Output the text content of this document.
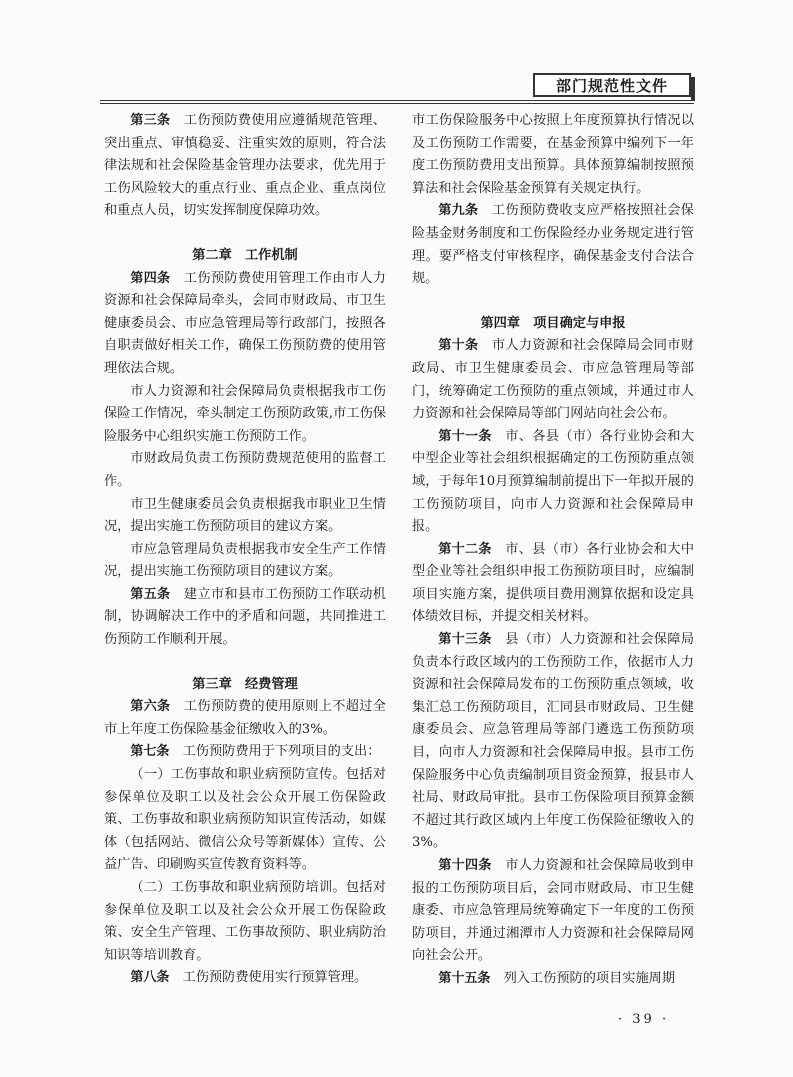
部门规范性文件

第三条　 工伤预防费使用应遵循规范管理、突出重点、审慎稳妥、注重实效的原则，符合法律法规和社会保险基金管理办法要求，优先用于工伤风险较大的重点行业、重点企业、重点岗位和重点人员，切实发挥制度保障功效。

第二章　工作机制

第四条　 工伤预防费使用管理工作由市人力资源和社会保障局牵头，会同市财政局、市卫生健康委员会、市应急管理局等行政部门，按照各自职责做好相关工作，确保工伤预防费的使用管理依法合规。

市人力资源和社会保障局负责根据我市工伤保险工作情况，牵头制定工伤预防政策,市工伤保险服务中心组织实施工伤预防工作。

市财政局负责工伤预防费规范使用的监督工作。

市卫生健康委员会负责根据我市职业卫生情况，提出实施工伤预防项目的建议方案。

市应急管理局负责根据我市安全生产工作情况，提出实施工伤预防项目的建议方案。

第五条　 建立市和县市工伤预防工作联动机制，协调解决工作中的矛盾和问题，共同推进工伤预防工作顺利开展。

第三章　经费管理

第六条　 工伤预防费的使用原则上不超过全市上年度工伤保险基金征缴收入的3%。

第七条　 工伤预防费用于下列项目的支出：

（一）工伤事故和职业病预防宣传。包括对参保单位及职工以及社会公众开展工伤保险政策、工伤事故和职业病预防知识宣传活动，如媒体（包括网站、微信公众号等新媒体）宣传、公益广告、印刷购买宣传教育资料等。

（二）工伤事故和职业病预防培训。包括对参保单位及职工以及社会公众开展工伤保险政策、安全生产管理、工伤事故预防、职业病防治知识等培训教育。

第八条　 工伤预防费使用实行预算管理。

市工伤保险服务中心按照上年度预算执行情况以及工伤预防工作需要，在基金预算中编列下一年度工伤预防费用支出预算。具体预算编制按照预算法和社会保险基金预算有关规定执行。

第九条　 工伤预防费收支应严格按照社会保险基金财务制度和工伤保险经办业务规定进行管理。要严格支付审核程序，确保基金支付合法合规。

第四章　项目确定与申报

第十条　 市人力资源和社会保障局会同市财政局、市卫生健康委员会、市应急管理局等部门，统筹确定工伤预防的重点领域，并通过市人力资源和社会保障局等部门网站向社会公布。

第十一条　 市、各县（市）各行业协会和大中型企业等社会组织根据确定的工伤预防重点领域，于每年10月预算编制前提出下一年拟开展的工伤预防项目，向市人力资源和社会保障局申报。

第十二条　 市、县（市）各行业协会和大中型企业等社会组织申报工伤预防项目时，应编制项目实施方案，提供项目费用测算依据和设定具体绩效目标，并提交相关材料。

第十三条　 县（市）人力资源和社会保障局负责本行政区域内的工伤预防工作，依据市人力资源和社会保障局发布的工伤预防重点领域，收集汇总工伤预防项目，汇同县市财政局、卫生健康委员会、应急管理局等部门遴选工伤预防项目，向市人力资源和社会保障局申报。县市工伤保险服务中心负责编制项目资金预算，报县市人社局、财政局审批。县市工伤保险项目预算金额不超过其行政区域内上年度工伤保险征缴收入的3%。

第十四条　 市人力资源和社会保障局收到申报的工伤预防项目后，会同市财政局、市卫生健康委、市应急管理局统筹确定下一年度的工伤预防项目，并通过湘潭市人力资源和社会保障局网向社会公开。

第十五条　 列入工伤预防的项目实施周期

· 39 ·
